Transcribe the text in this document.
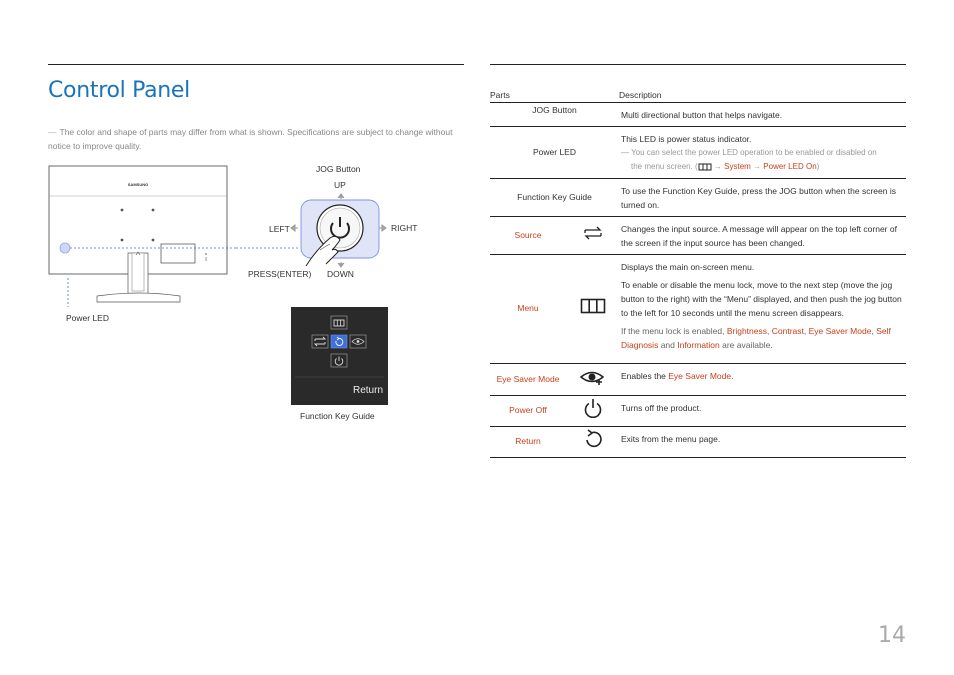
Control Panel
― The color and shape of parts may differ from what is shown. Specifications are subject to change without notice to improve quality.
SAMSUNG
Power LED
JOG Button
UP
LEFT	RIGHT
PRESS(ENTER) DOWN
Return
Function Key Guide
Parts		Description
JOG Button		Multi directional button that helps navigate.
Power LED		This LED is power status indicator.
― You can select the power LED operation to be enabled or disabled on
the menu screen. ( → System → Power LED On)

Function Key Guide		To use the Function Key Guide, press the JOG button when the screen is turned on.
Source		Changes the input source. A message will appear on the top left corner of the screen if the input source has been changed.
Menu		Displays the main on-screen menu.
To enable or disable the menu lock, move to the next step (move the jog button to the right) with the “Menu” displayed, and then push the jog button to the left for 10 seconds until the menu screen disappears.
If the menu lock is enabled, Brightness, Contrast, Eye Saver Mode, Self Diagnosis and Information are available.

Eye Saver Mode		Enables the Eye Saver Mode.
Power Off		Turns off the product.
Return		Exits from the menu page.
14
